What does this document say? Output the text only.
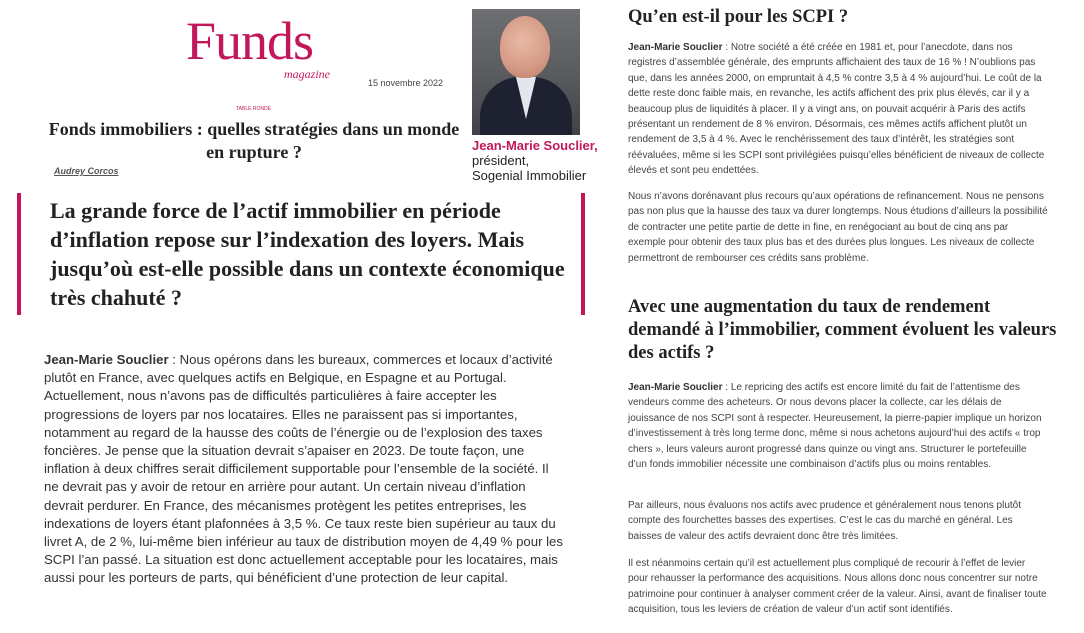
Funds
magazine
15 novembre 2022
TABLE RONDE
Fonds immobiliers : quelles stratégies dans un monde en rupture ?
Audrey Corcos
Jean-Marie Souclier,
président,
Sogenial Immobilier
La grande force de l’actif immobilier en période d’inflation repose sur l’indexation des loyers. Mais jusqu’où est-elle possible dans un contexte économique très chahuté ?
Jean-Marie Souclier : Nous opérons dans les bureaux, commerces et locaux d’activité plutôt en France, avec quelques actifs en Belgique, en Espagne et au Portugal. Actuellement, nous n’avons pas de difficultés particulières à faire accepter les progressions de loyers par nos locataires. Elles ne paraissent pas si importantes, notamment au regard de la hausse des coûts de l’énergie ou de l’explosion des taxes foncières. Je pense que la situation devrait s’apaiser en 2023. De toute façon, une inflation à deux chiffres serait difficilement supportable pour l’ensemble de la société. Il ne devrait pas y avoir de retour en arrière pour autant. Un certain niveau d’inflation devrait perdurer. En France, des mécanismes protègent les petites entreprises, les indexations de loyers étant plafonnées à 3,5 %. Ce taux reste bien supérieur au taux du livret A, de 2 %, lui-même bien inférieur au taux de distribution moyen de 4,49 % pour les SCPI l’an passé. La situation est donc actuellement acceptable pour les locataires, mais aussi pour les porteurs de parts, qui bénéficient d’une protection de leur capital.
Qu’en est-il pour les SCPI ?

Jean-Marie Souclier : Notre société a été créée en 1981 et, pour l’anecdote, dans nos registres d’assemblée générale, des emprunts affichaient des taux de 16 % ! N’oublions pas que, dans les années 2000, on empruntait à 4,5 % contre 3,5 à 4 % aujourd’hui. Le coût de la dette reste donc faible mais, en revanche, les actifs affichent des prix plus élevés, car il y a beaucoup plus de liquidités à placer. Il y a vingt ans, on pouvait acquérir à Paris des actifs présentant un rendement de 8 % environ. Désormais, ces mêmes actifs affichent plutôt un rendement de 3,5 à 4 %. Avec le renchérissement des taux d’intérêt, les stratégies sont réévaluées, même si les SCPI sont privilégiées puisqu’elles bénéficient de niveaux de collecte élevés et sont peu endettées.

Nous n’avons dorénavant plus recours qu’aux opérations de refinancement. Nous ne pensons pas non plus que la hausse des taux va durer longtemps. Nous étudions d’ailleurs la possibilité de contracter une petite partie de dette in fine, en renégociant au bout de cinq ans par exemple pour obtenir des taux plus bas et des durées plus longues. Les niveaux de collecte permettront de rembourser ces crédits sans problème.

Avec une augmentation du taux de rendement demandé à l’immobilier, comment évoluent les valeurs des actifs ?

Jean-Marie Souclier : Le repricing des actifs est encore limité du fait de l’attentisme des vendeurs comme des acheteurs. Or nous devons placer la collecte, car les délais de jouissance de nos SCPI sont à respecter. Heureusement, la pierre-papier implique un horizon d’investissement à très long terme donc, même si nous achetons aujourd’hui des actifs « trop chers », leurs valeurs auront progressé dans quinze ou vingt ans. Structurer le portefeuille d’un fonds immobilier nécessite une combinaison d’actifs plus ou moins rentables.

Par ailleurs, nous évaluons nos actifs avec prudence et généralement nous tenons plutôt compte des fourchettes basses des expertises. C’est le cas du marché en général. Les baisses de valeur des actifs devraient donc être très limitées.

Il est néanmoins certain qu’il est actuellement plus compliqué de recourir à l’effet de levier pour rehausser la performance des acquisitions. Nous allons donc nous concentrer sur notre patrimoine pour continuer à analyser comment créer de la valeur. Ainsi, avant de finaliser toute acquisition, tous les leviers de création de valeur d’un actif sont identifiés.
